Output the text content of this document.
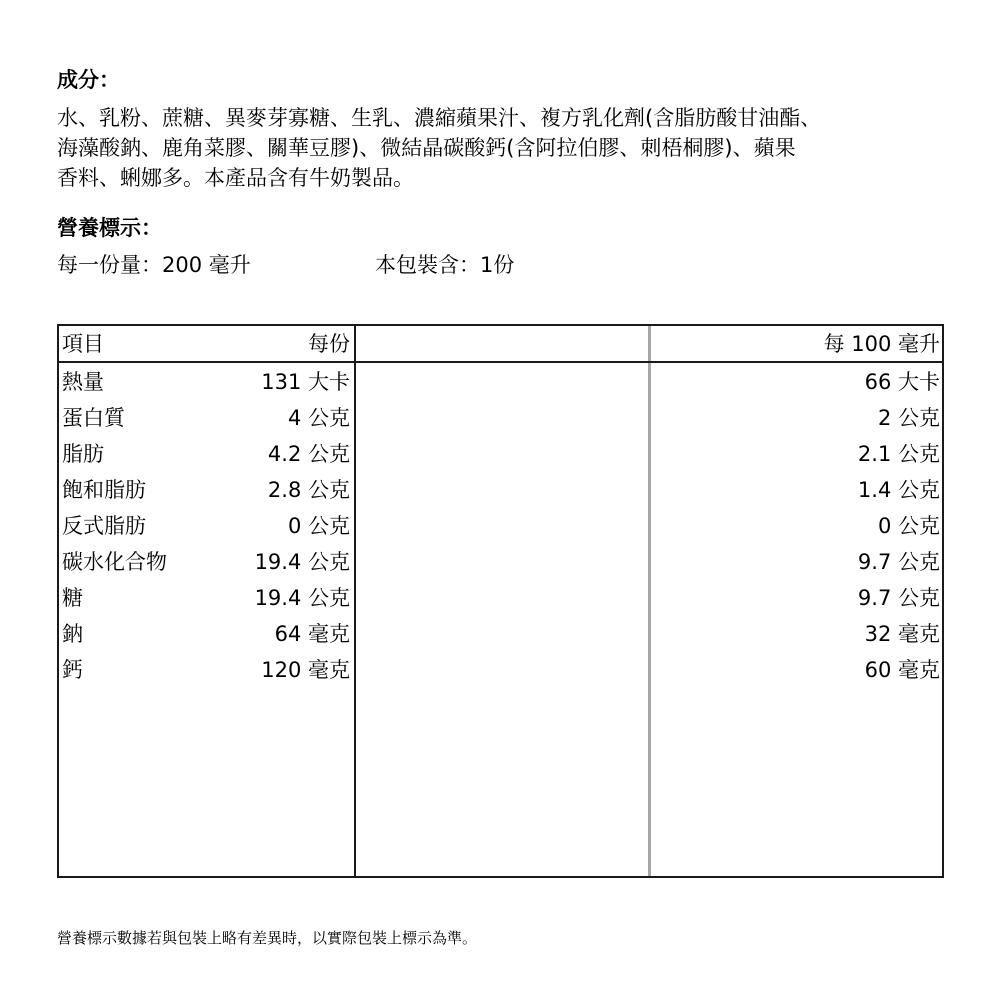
成分：
水、乳粉、蔗糖、異麥芽寡糖、生乳、濃縮蘋果汁、複方乳化劑(含脂肪酸甘油酯、
海藻酸鈉、鹿角菜膠、關華豆膠)、微結晶碳酸鈣(含阿拉伯膠、刺梧桐膠)、蘋果
香料、蜊娜多。本產品含有牛奶製品。
營養標示：
每一份量：200 毫升	本包裝含：1份
項目	每份	每 100 毫升
熱量	131 大卡	66 大卡
蛋白質	4 公克	2 公克
脂肪	4.2 公克	2.1 公克
飽和脂肪	2.8 公克	1.4 公克
反式脂肪	0 公克	0 公克
碳水化合物	19.4 公克	9.7 公克
糖	19.4 公克	9.7 公克
鈉	64 毫克	32 毫克
鈣	120 毫克	60 毫克
營養標示數據若與包裝上略有差異時，以實際包裝上標示為準。
